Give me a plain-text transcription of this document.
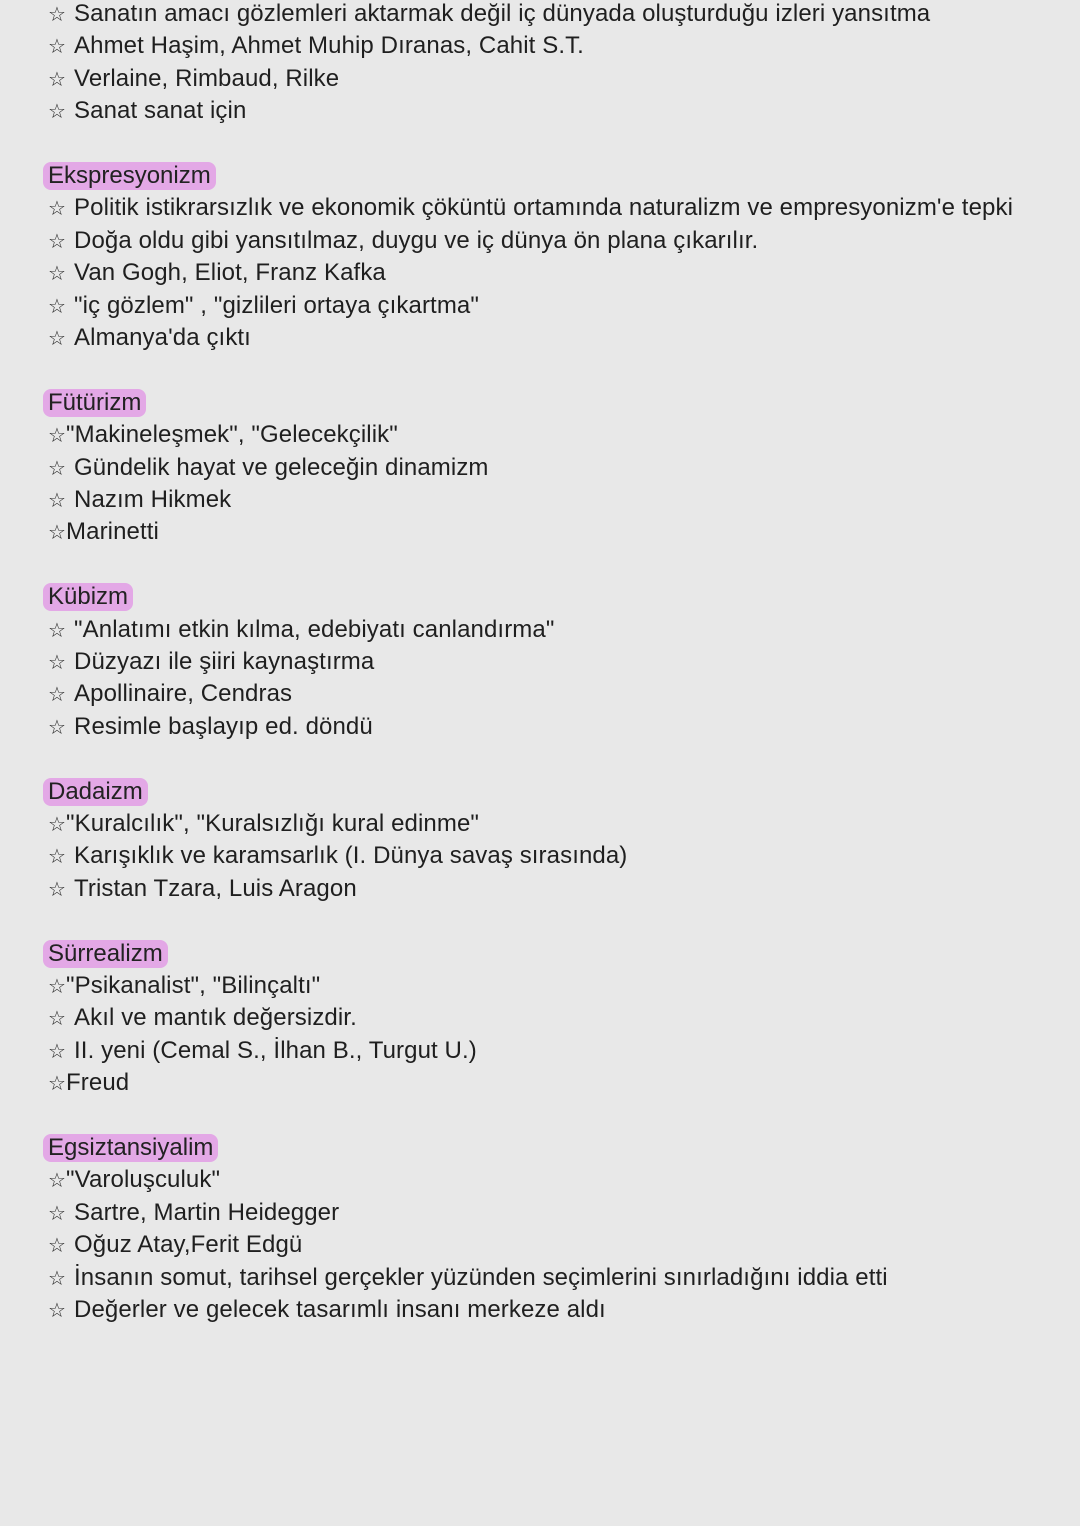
☆ Sanatın amacı gözlemleri aktarmak değil iç dünyada oluşturduğu izleri yansıtma
☆ Ahmet Haşim, Ahmet Muhip Dıranas, Cahit S.T.
☆ Verlaine, Rimbaud, Rilke
☆ Sanat sanat için
Ekspresyonizm
☆ Politik istikrarsızlık ve ekonomik çöküntü ortamında naturalizm ve empresyonizm'e tepki
☆ Doğa oldu gibi yansıtılmaz, duygu ve iç dünya ön plana çıkarılır.
☆ Van Gogh, Eliot, Franz Kafka
☆ "iç gözlem" , "gizlileri ortaya çıkartma"
☆ Almanya'da çıktı
Fütürizm
☆"Makineleşmek", "Gelecekçilik"
☆ Gündelik hayat ve geleceğin dinamizm
☆ Nazım Hikmek
☆Marinetti
Kübizm
☆ "Anlatımı etkin kılma, edebiyatı canlandırma"
☆ Düzyazı ile şiiri kaynaştırma
☆ Apollinaire, Cendras
☆ Resimle başlayıp ed. döndü
Dadaizm
☆"Kuralcılık", "Kuralsızlığı kural edinme"
☆ Karışıklık ve karamsarlık (I. Dünya savaş sırasında)
☆ Tristan Tzara, Luis Aragon
Sürrealizm
☆"Psikanalist", "Bilinçaltı"
☆ Akıl ve mantık değersizdir.
☆ II. yeni (Cemal S., İlhan B., Turgut U.)
☆Freud
Egsiztansiyalim
☆"Varoluşculuk"
☆ Sartre, Martin Heidegger
☆ Oğuz Atay,Ferit Edgü
☆ İnsanın somut, tarihsel gerçekler yüzünden seçimlerini sınırladığını iddia etti
☆ Değerler ve gelecek tasarımlı insanı merkeze aldı
